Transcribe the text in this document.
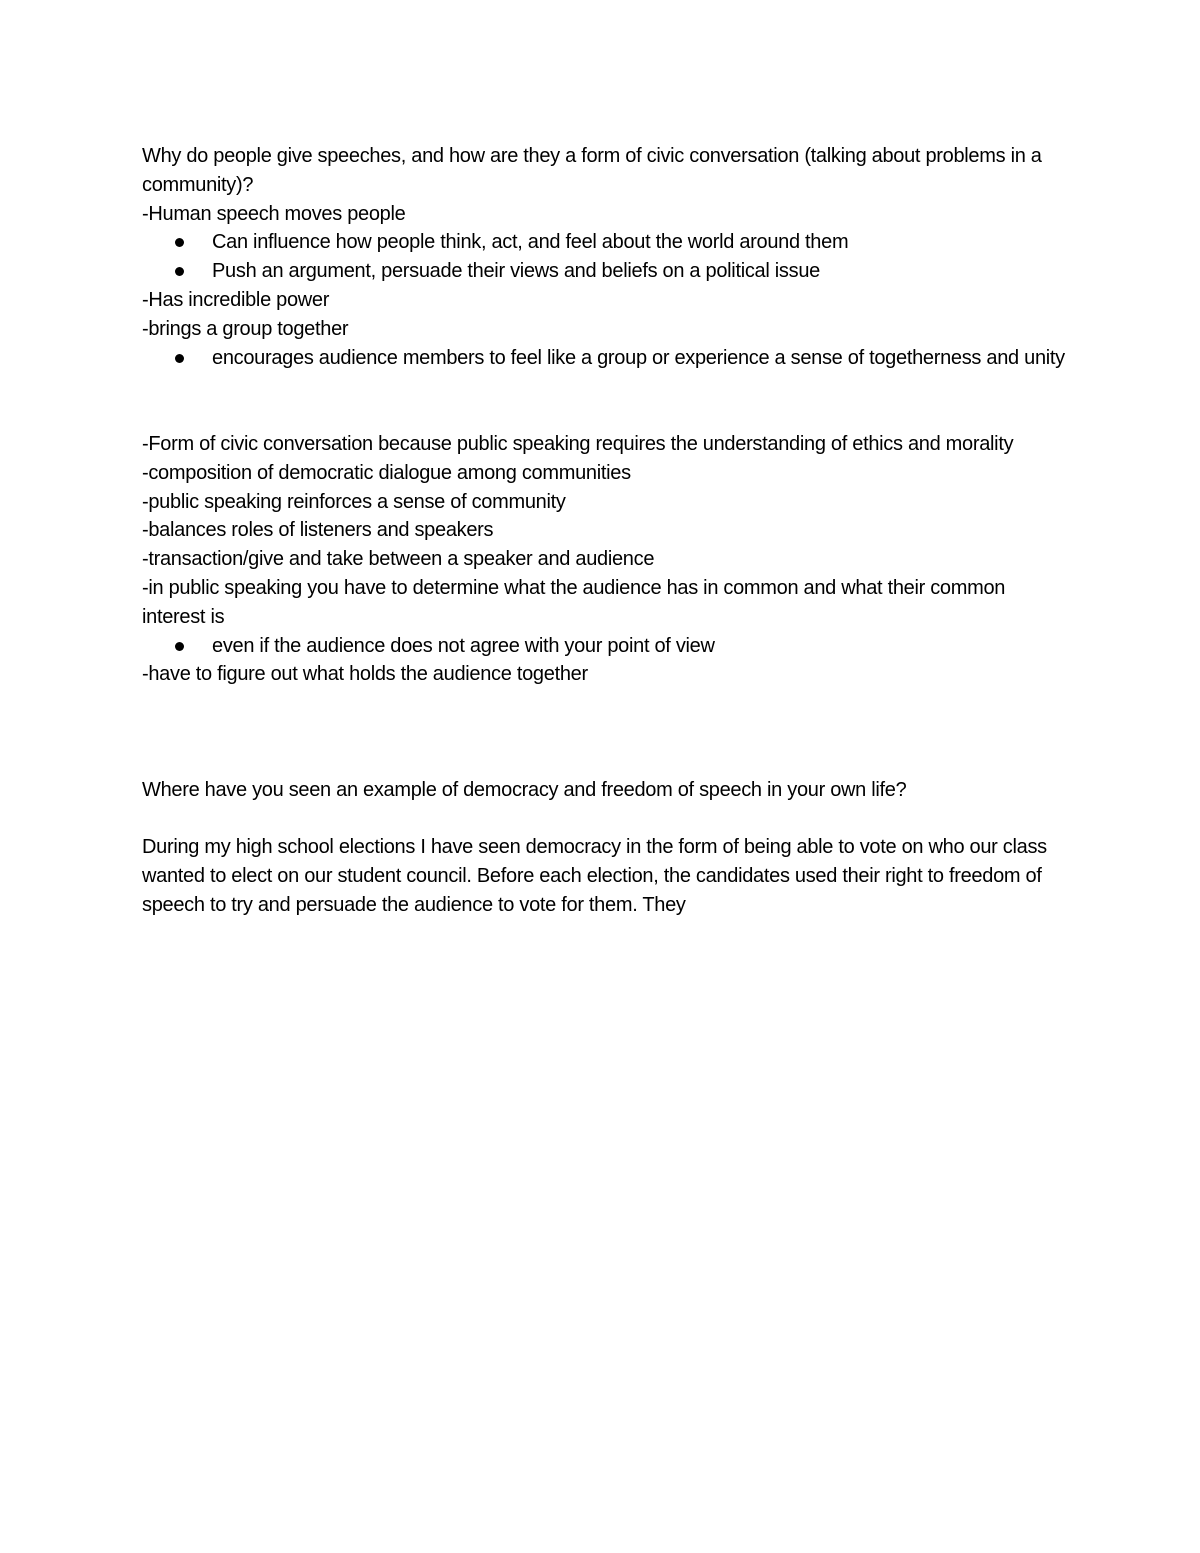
Why do people give speeches, and how are they a form of civic conversation (talking about problems in a community)?

-Human speech moves people

Can influence how people think, act, and feel about the world around them
Push an argument, persuade their views and beliefs on a political issue

-Has incredible power

-brings a group together

encourages audience members to feel like a group or experience a sense of togetherness and unity

-Form of civic conversation because public speaking requires the understanding of ethics and morality

-composition of democratic dialogue among communities

-public speaking reinforces a sense of community

-balances roles of listeners and speakers

-transaction/give and take between a speaker and audience

-in public speaking you have to determine what the audience has in common and what their common interest is

even if the audience does not agree with your point of view

-have to figure out what holds the audience together

Where have you seen an example of democracy and freedom of speech in your own life?

During my high school elections I have seen democracy in the form of being able to vote on who our class wanted to elect on our student council. Before each election, the candidates used their right to freedom of speech to try and persuade the audience to vote for them. They
